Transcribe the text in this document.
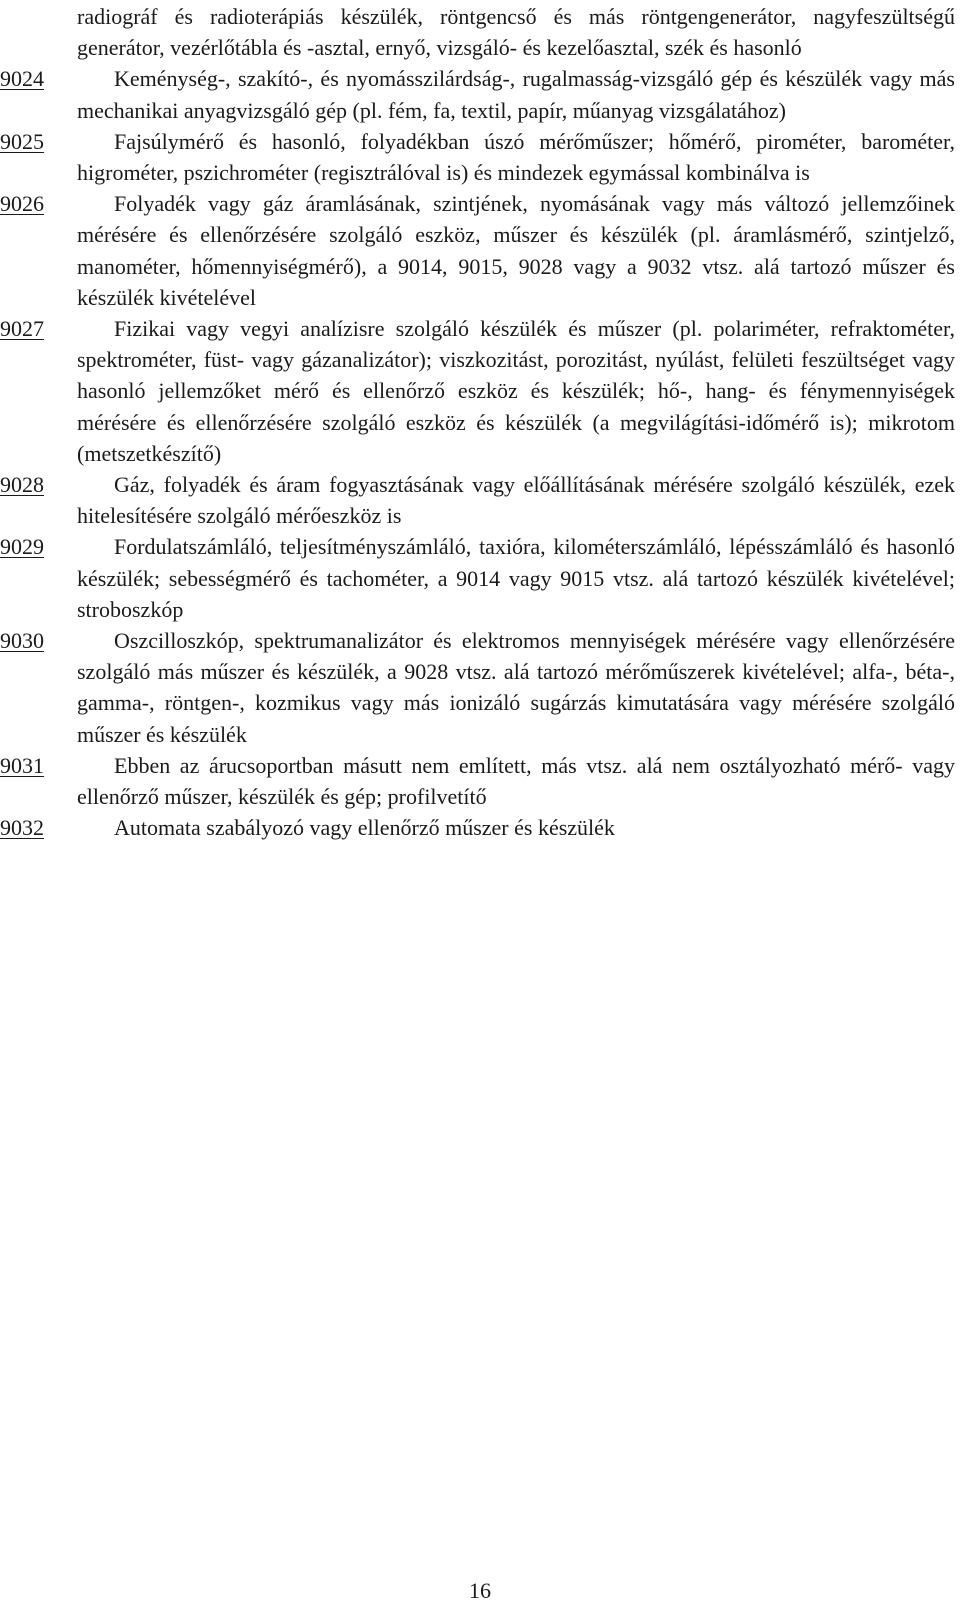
radiográf és radioterápiás készülék, röntgencső és más röntgengenerátor, nagyfeszültségű generátor, vezérlőtábla és -asztal, ernyő, vizsgáló- és kezelőasztal, szék és hasonló

9024	Keménység-, szakító-, és nyomásszilárdság-, rugalmasság-vizsgáló gép és készülék vagy más mechanikai anyagvizsgáló gép (pl. fém, fa, textil, papír, műanyag vizsgálatához)

9025	Fajsúlymérő és hasonló, folyadékban úszó mérőműszer; hőmérő, pirométer, barométer, higrométer, pszichrométer (regisztrálóval is) és mindezek egymással kombinálva is

9026	Folyadék vagy gáz áramlásának, szintjének, nyomásának vagy más változó jellemzőinek mérésére és ellenőrzésére szolgáló eszköz, műszer és készülék (pl. áramlásmérő, szintjelző, manométer, hőmennyiségmérő), a 9014, 9015, 9028 vagy a 9032 vtsz. alá tartozó műszer és készülék kivételével

9027	Fizikai vagy vegyi analízisre szolgáló készülék és műszer (pl. polariméter, refraktométer, spektrométer, füst- vagy gázanalizátor); viszkozitást, porozitást, nyúlást, felületi feszültséget vagy hasonló jellemzőket mérő és ellenőrző eszköz és készülék; hő-, hang- és fénymennyiségek mérésére és ellenőrzésére szolgáló eszköz és készülék (a megvilágítási-időmérő is); mikrotom (metszetkészítő)

9028	Gáz, folyadék és áram fogyasztásának vagy előállításának mérésére szolgáló készülék, ezek hitelesítésére szolgáló mérőeszköz is

9029	Fordulatszámláló, teljesítményszámláló, taxióra, kilométerszámláló, lépésszámláló és hasonló készülék; sebességmérő és tachométer, a 9014 vagy 9015 vtsz. alá tartozó készülék kivételével; stroboszkóp

9030	Oszcilloszkóp, spektrumanalizátor és elektromos mennyiségek mérésére vagy ellenőrzésére szolgáló más műszer és készülék, a 9028 vtsz. alá tartozó mérőműszerek kivételével; alfa-, béta-, gamma-, röntgen-, kozmikus vagy más ionizáló sugárzás kimutatására vagy mérésére szolgáló műszer és készülék

9031	Ebben az árucsoportban másutt nem említett, más vtsz. alá nem osztályozható mérő- vagy ellenőrző műszer, készülék és gép; profilvetítő

9032	Automata szabályozó vagy ellenőrző műszer és készülék

16
